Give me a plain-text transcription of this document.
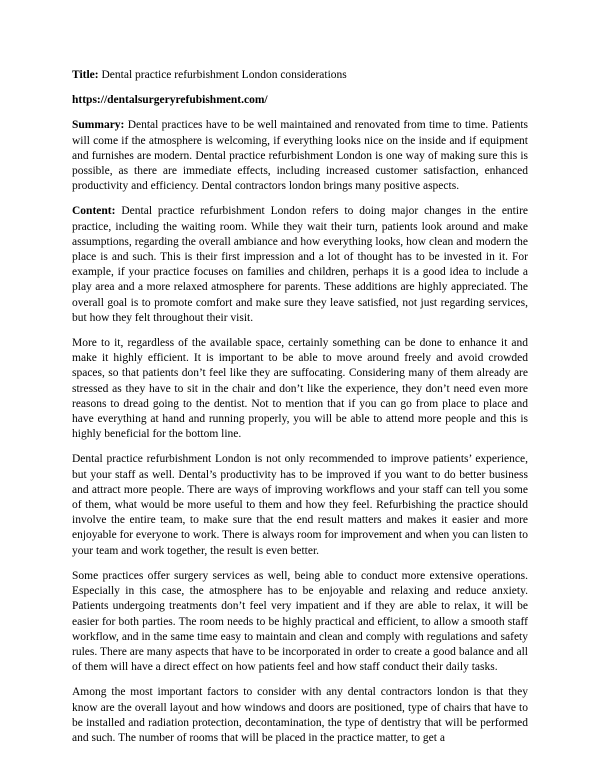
Title: Dental practice refurbishment London considerations

https://dentalsurgeryrefubishment.com/

Summary: Dental practices have to be well maintained and renovated from time to time. Patients will come if the atmosphere is welcoming, if everything looks nice on the inside and if equipment and furnishes are modern. Dental practice refurbishment London is one way of making sure this is possible, as there are immediate effects, including increased customer satisfaction, enhanced productivity and efficiency. Dental contractors london brings many positive aspects.

Content: Dental practice refurbishment London refers to doing major changes in the entire practice, including the waiting room. While they wait their turn, patients look around and make assumptions, regarding the overall ambiance and how everything looks, how clean and modern the place is and such. This is their first impression and a lot of thought has to be invested in it. For example, if your practice focuses on families and children, perhaps it is a good idea to include a play area and a more relaxed atmosphere for parents. These additions are highly appreciated. The overall goal is to promote comfort and make sure they leave satisfied, not just regarding services, but how they felt throughout their visit.

More to it, regardless of the available space, certainly something can be done to enhance it and make it highly efficient. It is important to be able to move around freely and avoid crowded spaces, so that patients don’t feel like they are suffocating. Considering many of them already are stressed as they have to sit in the chair and don’t like the experience, they don’t need even more reasons to dread going to the dentist. Not to mention that if you can go from place to place and have everything at hand and running properly, you will be able to attend more people and this is highly beneficial for the bottom line.

Dental practice refurbishment London is not only recommended to improve patients’ experience, but your staff as well. Dental’s productivity has to be improved if you want to do better business and attract more people. There are ways of improving workflows and your staff can tell you some of them, what would be more useful to them and how they feel. Refurbishing the practice should involve the entire team, to make sure that the end result matters and makes it easier and more enjoyable for everyone to work. There is always room for improvement and when you can listen to your team and work together, the result is even better.

Some practices offer surgery services as well, being able to conduct more extensive operations. Especially in this case, the atmosphere has to be enjoyable and relaxing and reduce anxiety. Patients undergoing treatments don’t feel very impatient and if they are able to relax, it will be easier for both parties. The room needs to be highly practical and efficient, to allow a smooth staff workflow, and in the same time easy to maintain and clean and comply with regulations and safety rules. There are many aspects that have to be incorporated in order to create a good balance and all of them will have a direct effect on how patients feel and how staff conduct their daily tasks.

Among the most important factors to consider with any dental contractors london is that they know are the overall layout and how windows and doors are positioned, type of chairs that have to be installed and radiation protection, decontamination, the type of dentistry that will be performed and such. The number of rooms that will be placed in the practice matter, to get a
